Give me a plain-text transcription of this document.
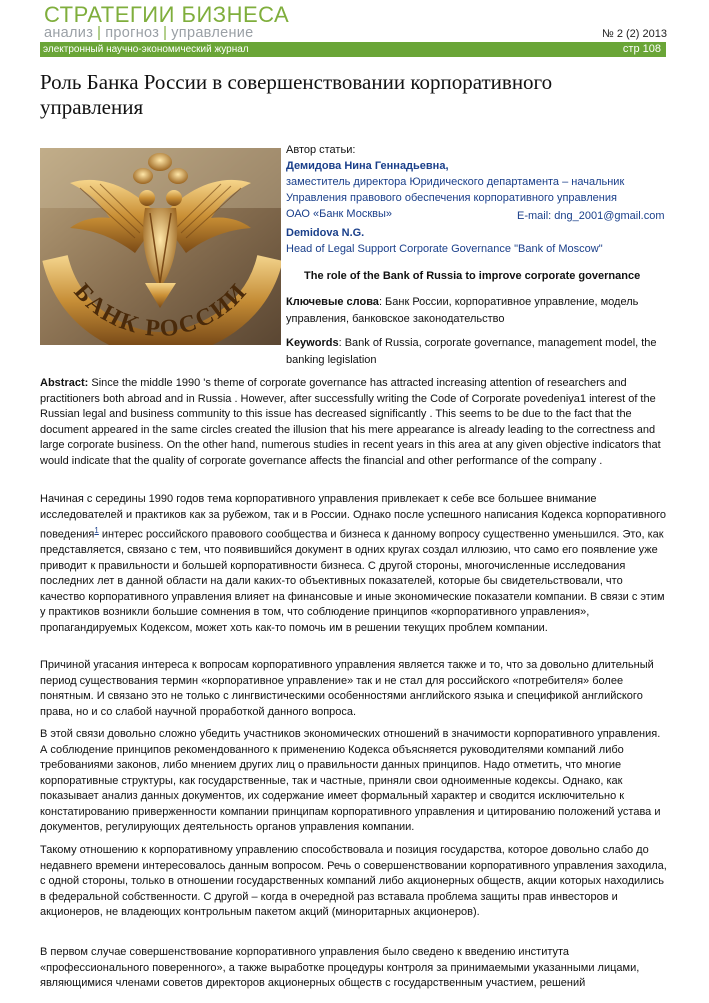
СТРАТЕГИИ БИЗНЕСА
анализ | прогноз | управление	№ 2 (2) 2013
электронный научно-экономический журнал	стр 108
Роль Банка России в совершенствовании корпоративного управления
БАНК РОССИИ
Автор статьи:
Демидова Нина Геннадьевна,
заместитель директора Юридического департамента – начальник
Управления правового обеспечения корпоративного управления
ОАО «Банк Москвы»
Demidova N.G.
Head of Legal Support Corporate Governance "Bank of Moscow"
E-mail: dng_2001@gmail.com
The role of the Bank of Russia to improve corporate governance
Ключевые слова: Банк России, корпоративное управление, модель управления, банковское законодательство
Keywords: Bank of Russia, corporate governance, management model, the banking legislation
Abstract: Since the middle 1990 's theme of corporate governance has attracted increasing attention of researchers and practitioners both abroad and in Russia . However, after successfully writing the Code of Corporate povedeniya1 interest of the Russian legal and business community to this issue has decreased significantly . This seems to be due to the fact that the document appeared in the same circles created the illusion that his mere appearance is already leading to the correctness and large corporate business. On the other hand, numerous studies in recent years in this area at any given objective indicators that would indicate that the quality of corporate governance affects the financial and other performance of the company .
Начиная с середины 1990 годов тема корпоративного управления привлекает к себе все большее внимание исследователей и практиков как за рубежом, так и в России. Однако после успешного написания Кодекса корпоративного поведения$^1$ интерес российского правового сообщества и бизнеса к данному вопросу существенно уменьшился. Это, как представляется, связано с тем, что появившийся документ в одних кругах создал иллюзию, что само его появление уже приводит к правильности и большей корпоративности бизнеса. С другой стороны, многочисленные исследования последних лет в данной области на дали каких-то объективных показателей, которые бы свидетельствовали, что качество корпоративного управления влияет на финансовые и иные экономические показатели компании. В связи с этим у практиков возникли большие сомнения в том, что соблюдение принципов «корпоративного управления», пропагандируемых Кодексом, может хоть как-то помочь им в решении текущих проблем компании.
Причиной угасания интереса к вопросам корпоративного управления является также и то, что за довольно длительный период существования термин «корпоративное управление» так и не стал для российского «потребителя» более понятным. И связано это не только с лингвистическими особенностями английского языка и спецификой английского права, но и со слабой научной проработкой данного вопроса.
В этой связи довольно сложно убедить участников экономических отношений в значимости корпоративного управления. А соблюдение принципов рекомендованного к применению Кодекса объясняется руководителями компаний либо требованиями законов, либо мнением других лиц о правильности данных принципов. Надо отметить, что многие корпоративные структуры, как государственные, так и частные, приняли свои одноименные кодексы. Однако, как показывает анализ данных документов, их содержание имеет формальный характер и сводится исключительно к констатированию приверженности компании принципам корпоративного управления и цитированию положений устава и документов, регулирующих деятельность органов управления компании.
Такому отношению к корпоративному управлению способствовала и позиция государства, которое довольно слабо до недавнего времени интересовалось данным вопросом. Речь о совершенствовании корпоративного управления заходила, с одной стороны, только в отношении государственных компаний либо акционерных обществ, акции которых находились в федеральной собственности. С другой – когда в очередной раз вставала проблема защиты прав инвесторов и акционеров, не владеющих контрольным пакетом акций (миноритарных акционеров).
В первом случае совершенствование корпоративного управления было сведено к введению института «профессионального поверенного», а также выработке процедуры контроля за принимаемыми указанными лицами, являющимися членами советов директоров акционерных обществ с государственным участием, решений
